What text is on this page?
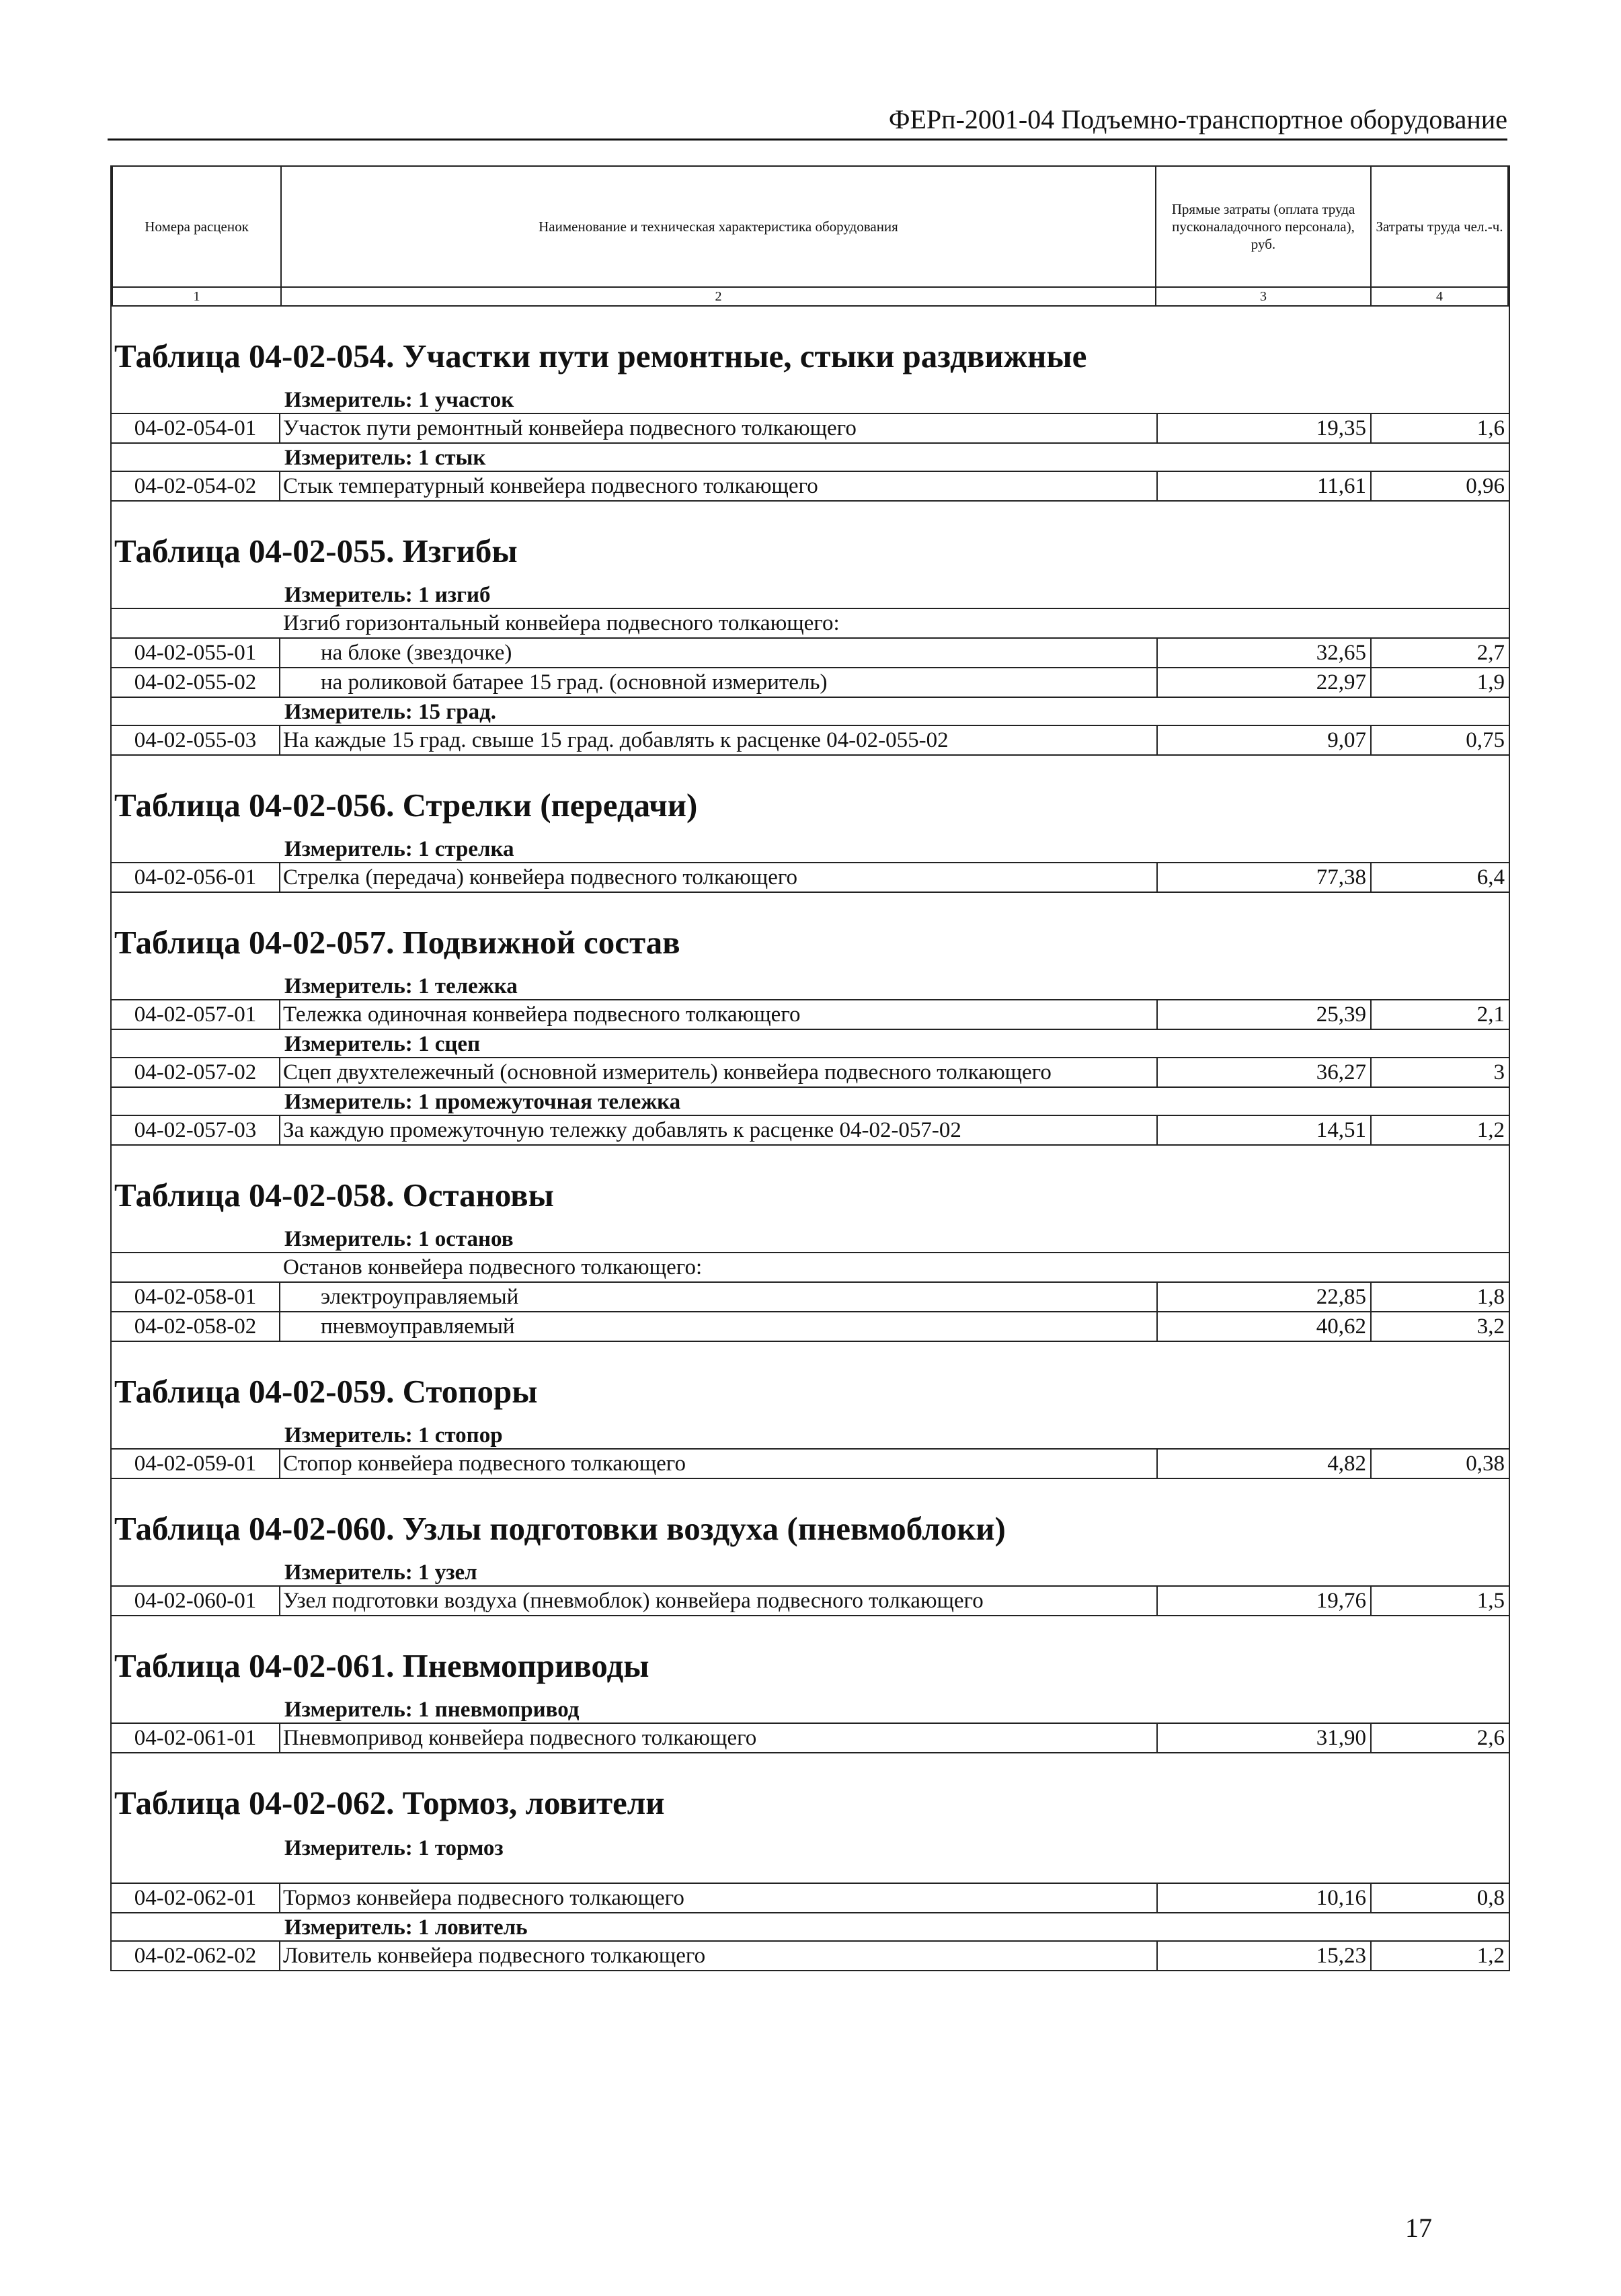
ФЕРп-2001-04 Подъемно-транспортное оборудование
Номера расценок	Наименование и техническая характеристика оборудования	Прямые затраты (оплата труда пусконаладочного персонала), руб.	Затраты труда чел.-ч.
1	2	3	4
Таблица 04-02-054. Участки пути ремонтные, стыки раздвижные
Измеритель: 1 участок
04-02-054-01	Участок пути ремонтный конвейера подвесного толкающего	19,35	1,6
Измеритель: 1 стык
04-02-054-02	Стык температурный конвейера подвесного толкающего	11,61	0,96
Таблица 04-02-055. Изгибы
Измеритель: 1 изгиб
Изгиб горизонтальный конвейера подвесного толкающего:
04-02-055-01	на блоке (звездочке)	32,65	2,7
04-02-055-02	на роликовой батарее 15 град. (основной измеритель)	22,97	1,9
Измеритель: 15 град.
04-02-055-03	На каждые 15 град. свыше 15 град. добавлять к расценке 04-02-055-02	9,07	0,75
Таблица 04-02-056. Стрелки (передачи)
Измеритель: 1 стрелка
04-02-056-01	Стрелка (передача) конвейера подвесного толкающего	77,38	6,4
Таблица 04-02-057. Подвижной состав
Измеритель: 1 тележка
04-02-057-01	Тележка одиночная конвейера подвесного толкающего	25,39	2,1
Измеритель: 1 сцеп
04-02-057-02	Сцеп двухтележечный (основной измеритель) конвейера подвесного толкающего	36,27	3
Измеритель: 1 промежуточная тележка
04-02-057-03	За каждую промежуточную тележку добавлять к расценке 04-02-057-02	14,51	1,2
Таблица 04-02-058. Остановы
Измеритель: 1 останов
Останов конвейера подвесного толкающего:
04-02-058-01	электроуправляемый	22,85	1,8
04-02-058-02	пневмоуправляемый	40,62	3,2
Таблица 04-02-059. Стопоры
Измеритель: 1 стопор
04-02-059-01	Стопор конвейера подвесного толкающего	4,82	0,38
Таблица 04-02-060. Узлы подготовки воздуха (пневмоблоки)
Измеритель: 1 узел
04-02-060-01	Узел подготовки воздуха (пневмоблок) конвейера подвесного толкающего	19,76	1,5
Таблица 04-02-061. Пневмоприводы
Измеритель: 1 пневмопривод
04-02-061-01	Пневмопривод конвейера подвесного толкающего	31,90	2,6
Таблица 04-02-062. Тормоз, ловители
Измеритель: 1 тормоз
04-02-062-01	Тормоз конвейера подвесного толкающего	10,16	0,8
Измеритель: 1 ловитель
04-02-062-02	Ловитель конвейера подвесного толкающего	15,23	1,2
17
